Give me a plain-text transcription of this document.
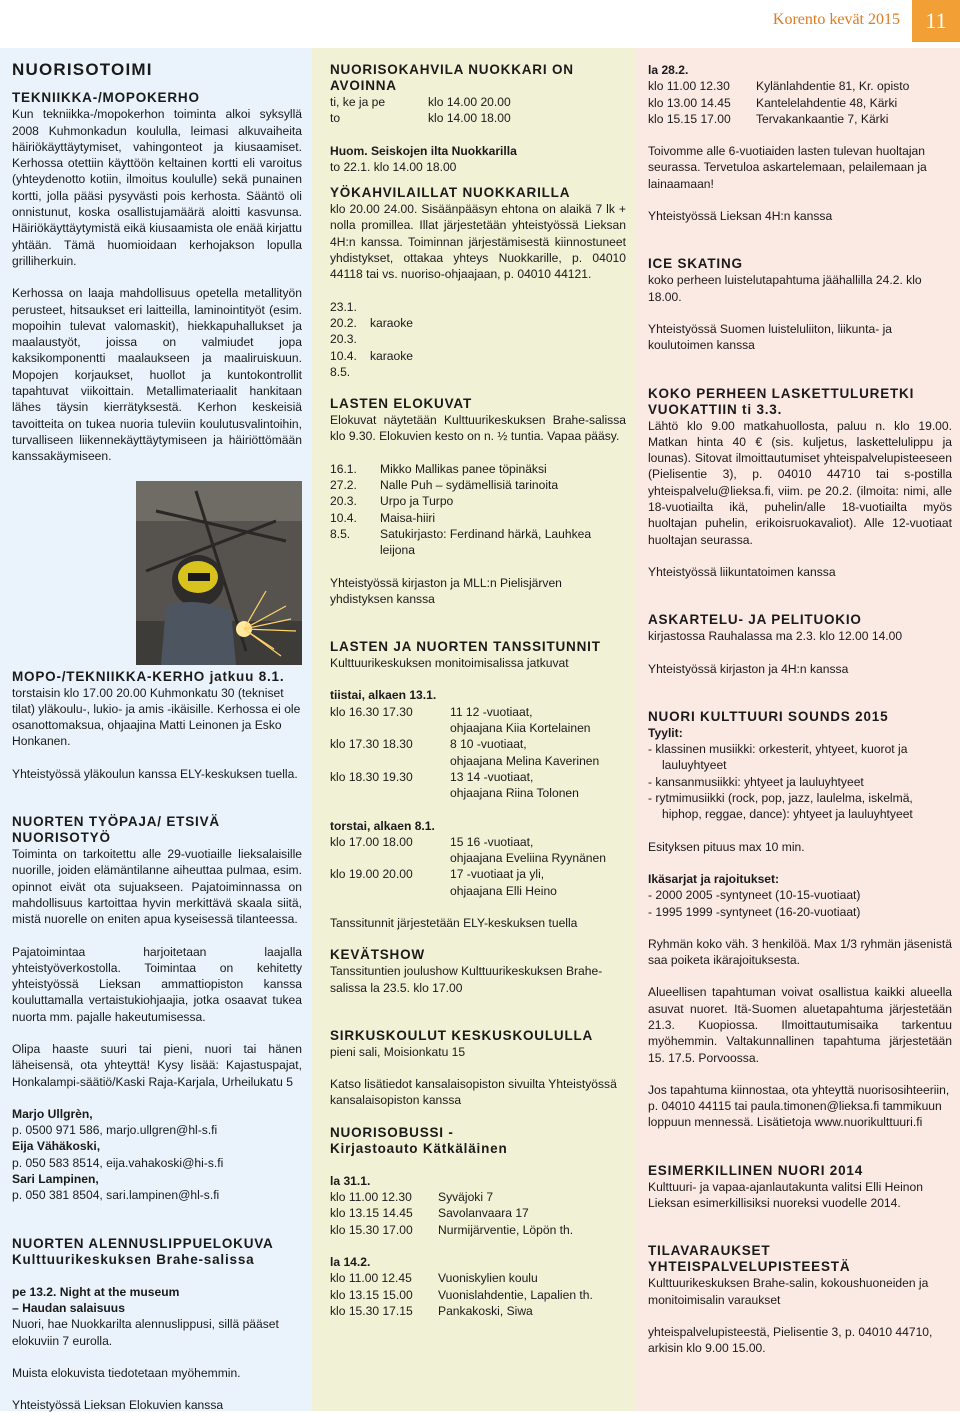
Korento kevät 2015	11
NUORISOTOIMI
TEKNIIKKA-/MOPOKERHO

Kun tekniikka-/mopokerhon toiminta alkoi syksyllä 2008 Kuhmonkadun koululla, leimasi alkuvaiheita häiriökäyttäytymiset, vahingonteot ja kiusaamiset. Kerhossa otettiin käyttöön keltainen kortti eli varoitus (yhteydenotto kotiin, ilmoitus koululle) sekä punainen kortti, jolla pääsi pysyvästi pois kerhosta. Sääntö oli onnistunut, koska osallistujamäärä aloitti kasvunsa. Häiriökäyttäytymistä eikä kiusaamista ole enää kirjattu yhtään. Tämä huomioidaan kerhojakson lopulla grilliherkuin.

Kerhossa on laaja mahdollisuus opetella metallityön perusteet, hitsaukset eri laitteilla, laminointityöt (esim. mopoihin tulevat valomaskit), hiekkapuhallukset ja maalaustyöt, joissa on valmiudet jopa kaksikomponentti maalaukseen ja maaliruiskuun. Mopojen korjaukset, huollot ja kuntokontrollit tapahtuvat viikoittain. Metallimateriaalit hankitaan lähes täysin kierrätyksestä. Kerhon keskeisiä tavoitteita on tukea nuoria tuleviin koulutusvalintoihin, turvalliseen liikennekäyttäytymiseen ja häiriöttömään kanssakäymiseen.

MOPO-/TEKNIIKKA-KERHO jatkuu 8.1.

torstaisin klo 17.00 20.00 Kuhmonkatu 30 (tekniset tilat) yläkoulu-, lukio- ja amis -ikäisille. Kerhossa ei ole osanottomaksua, ohjaajina Matti Leinonen ja Esko Honkanen.

Yhteistyössä yläkoulun kanssa ELY-keskuksen tuella.

NUORTEN TYÖPAJA/ ETSIVÄ NUORISOTYÖ

Toiminta on tarkoitettu alle 29-vuotiaille lieksalaisille nuorille, joiden elämäntilanne aiheuttaa pulmaa, esim. opinnot eivät ota sujuakseen. Pajatoiminnassa on mahdollisuus kartoittaa hyvin merkittävä skaala siitä, mistä nuorelle on eniten apua kyseisessä tilanteessa.

Pajatoimintaa harjoitetaan laajalla yhteistyöverkostolla. Toimintaa on kehitetty yhteistyössä Lieksan ammattiopiston kanssa kouluttamalla vertaistukiohjaajia, jotka osaavat tukea nuorta mm. pajalle hakeutumisessa.

Olipa haaste suuri tai pieni, nuori tai hänen läheisensä, ota yhteyttä! Kysy lisää: Kajastuspajat, Honkalampi-säätiö/Kaski Raja-Karjala, Urheilukatu 5

Marjo Ullgrèn,

p. 0500 971 586, marjo.ullgren@hl-s.fi

Eija Vähäkoski,

p. 050 583 8514, eija.vahakoski@hi-s.fi

Sari Lampinen,

p. 050 381 8504, sari.lampinen@hl-s.fi

NUORTEN ALENNUSLIPPUELOKUVA
Kulttuurikeskuksen Brahe-salissa

pe 13.2. Night at the museum

– Haudan salaisuus

Nuori, hae Nuokkarilta alennuslippusi, sillä pääset elokuviin 7 eurolla.

Muista elokuvista tiedotetaan myöhemmin.

Yhteistyössä Lieksan Elokuvien kanssa

NUORISOKAHVILA NUOKKARI ON AVOINNA
ti, ke ja pe	klo 14.00 20.00
to	klo 14.00 18.00

Huom. Seiskojen ilta Nuokkarilla

to 22.1. klo 14.00 18.00

YÖKAHVILAILLAT NUOKKARILLA

klo 20.00 24.00. Sisäänpääsyn ehtona on alaikä 7 lk + nolla promillea. Illat järjestetään yhteistyössä Lieksan 4H:n kanssa. Toiminnan järjestämisestä kiinnostuneet yhdistykset, ottakaa yhteys Nuokkarille, p. 04010 44118 tai vs. nuoriso-ohjaajaan, p. 04010 44121.

23.1.	
20.2.	karaoke
20.3.	
10.4.	karaoke
8.5.	
LASTEN ELOKUVAT

Elokuvat näytetään Kulttuurikeskuksen Brahe-salissa klo 9.30. Elokuvien kesto on n. ½ tuntia. Vapaa pääsy.

16.1.	Mikko Mallikas panee töpinäksi
27.2.	Nalle Puh – sydämellisiä tarinoita
20.3.	Urpo ja Turpo
10.4.	Maisa-hiiri
8.5.	Satukirjasto: Ferdinand härkä, Lauhkea leijona

Yhteistyössä kirjaston ja MLL:n Pielisjärven yhdistyksen kanssa

LASTEN JA NUORTEN TANSSITUNNIT

Kulttuurikeskuksen monitoimisalissa jatkuvat

tiistai, alkaen 13.1.

klo 16.30 17.30	11 12 -vuotiaat,
ohjaajana Kiia Kortelainen

klo 17.30 18.30	8 10 -vuotiaat,
ohjaajana Melina Kaverinen

klo 18.30 19.30	13 14 -vuotiaat,
ohjaajana Riina Tolonen

torstai, alkaen 8.1.

klo 17.00 18.00	15 16 -vuotiaat,
ohjaajana Eveliina Ryynänen

klo 19.00 20.00	17 -vuotiaat ja yli,
ohjaajana Elli Heino

Tanssitunnit järjestetään ELY-keskuksen tuella

KEVÄTSHOW

Tanssituntien joulushow Kulttuurikeskuksen Brahe-salissa la 23.5. klo 17.00

SIRKUSKOULUT KESKUSKOULULLA

pieni sali, Moisionkatu 15

Katso lisätiedot kansalaisopiston sivuilta Yhteistyössä kansalaisopiston kanssa

NUORISOBUSSI -
Kirjastoauto Kätkäläinen

la 31.1.

klo 11.00 12.30	Syväjoki 7
klo 13.15 14.45	Savolanvaara 17
klo 15.30 17.00	Nurmijärventie, Löpön th.

la 14.2.

klo 11.00 12.45	Vuoniskylien koulu
klo 13.15 15.00	Vuonislahdentie, Lapalien th.
klo 15.30 17.15	Pankakoski, Siwa

la 28.2.

klo 11.00 12.30	Kylänlahdentie 81, Kr. opisto
klo 13.00 14.45	Kantelelahdentie 48, Kärki
klo 15.15 17.00	Tervakankaantie 7, Kärki

Toivomme alle 6-vuotiaiden lasten tulevan huoltajan seurassa. Tervetuloa askartelemaan, pelailemaan ja lainaamaan!

Yhteistyössä Lieksan 4H:n kanssa

ICE SKATING

koko perheen luistelutapahtuma jäähallilla 24.2. klo 18.00.

Yhteistyössä Suomen luisteluliiton, liikunta- ja koulutoimen kanssa

KOKO PERHEEN LASKETTULURETKI VUOKATTIIN ti 3.3.

Lähtö klo 9.00 matkahuollosta, paluu n. klo 19.00. Matkan hinta 40 € (sis. kuljetus, laskettelulippu ja lounas). Sitovat ilmoittautumiset yhteispalvelupisteeseen (Pielisentie 3), p. 04010 44710 tai s-postilla yhteispalvelu@lieksa.fi, viim. pe 20.2. (ilmoita: nimi, alle 18-vuotiailta ikä, puhelin/alle 18-vuotiailta myös huoltajan puhelin, erikoisruokavaliot). Alle 12-vuotiaat huoltajan seurassa.

Yhteistyössä liikuntatoimen kanssa

ASKARTELU- JA PELITUOKIO

kirjastossa Rauhalassa ma 2.3. klo 12.00 14.00

Yhteistyössä kirjaston ja 4H:n kanssa

NUORI KULTTUURI SOUNDS 2015

Tyylit:

- klassinen musiikki: orkesterit, yhtyeet, kuorot ja lauluyhtyeet
- kansanmusiikki: yhtyeet ja lauluyhtyeet
- rytmimusiikki (rock, pop, jazz, laulelma, iskelmä, hiphop, reggae, dance): yhtyeet ja lauluyhtyeet

Esityksen pituus max 10 min.

Ikäsarjat ja rajoitukset:

- 2000 2005 -syntyneet (10-15-vuotiaat)
- 1995 1999 -syntyneet (16-20-vuotiaat)

Ryhmän koko väh. 3 henkilöä. Max 1/3 ryhmän jäsenistä saa poiketa ikärajoituksesta.

Alueellisen tapahtuman voivat osallistua kaikki alueella asuvat nuoret. Itä-Suomen aluetapahtuma järjestetään 21.3. Kuopiossa. Ilmoittautumisaika tarkentuu myöhemmin. Valtakunnallinen tapahtuma järjestetään 15. 17.5. Porvoossa.

Jos tapahtuma kiinnostaa, ota yhteyttä nuorisosihteeriin, p. 04010 44115 tai paula.timonen@lieksa.fi tammikuun loppuun mennessä. Lisätietoja www.nuorikulttuuri.fi

ESIMERKILLINEN NUORI 2014

Kulttuuri- ja vapaa-ajanlautakunta valitsi Elli Heinon Lieksan esimerkillisiksi nuoreksi vuodelle 2014.

TILAVARAUKSET YHTEISPALVELUPISTEESTÄ

Kulttuurikeskuksen Brahe-salin, kokoushuoneiden ja monitoimisalin varaukset

yhteispalvelupisteestä, Pielisentie 3, p. 04010 44710, arkisin klo 9.00 15.00.
